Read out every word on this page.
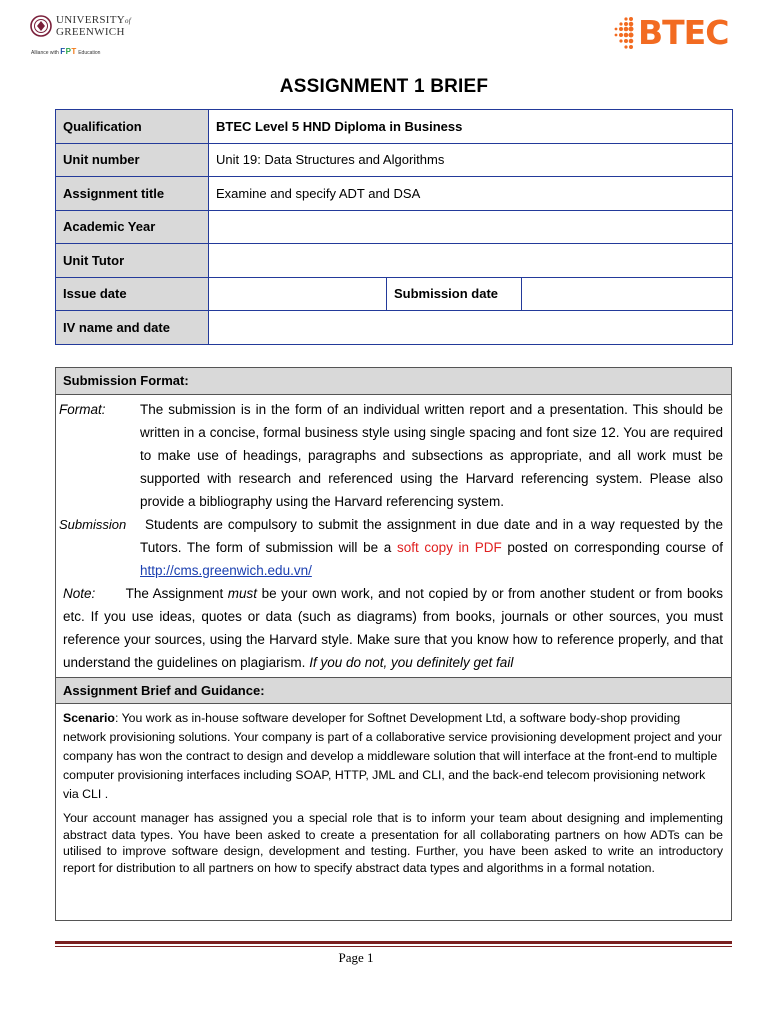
UNIVERSITYof
GREENWICH
Alliance with FPT Education
BTEC
ASSIGNMENT 1 BRIEF
Qualification	BTEC Level 5 HND Diploma in Business		
Unit number	Unit 19: Data Structures and Algorithms		
Assignment title	Examine and specify ADT and DSA		
Academic Year			
Unit Tutor			
Issue date		Submission date	
IV name and date			
Submission Format:
Format:	The submission is in the form of an individual written report and a presentation. This should be written in a concise, formal business style using single spacing and font size 12. You are required to make use of headings, paragraphs and subsections as appropriate, and all work must be supported with research and referenced using the Harvard referencing system. Please also provide a bibliography using the Harvard referencing system.
Submission	Students are compulsory to submit the assignment in due date and in a way requested by the Tutors. The form of submission will be a soft copy in PDF posted on corresponding course of http://cms.greenwich.edu.vn/
Note: The Assignment must be your own work, and not copied by or from another student or from books etc. If you use ideas, quotes or data (such as diagrams) from books, journals or other sources, you must reference your sources, using the Harvard style. Make sure that you know how to reference properly, and that understand the guidelines on plagiarism. If you do not, you definitely get fail
Assignment Brief and Guidance:
Scenario: You work as in-house software developer for Softnet Development Ltd, a software body-shop providing network provisioning solutions. Your company is part of a collaborative service provisioning development project and your company has won the contract to design and develop a middleware solution that will interface at the front-end to multiple computer provisioning interfaces including SOAP, HTTP, JML and CLI, and the back-end telecom provisioning network via CLI .
Your account manager has assigned you a special role that is to inform your team about designing and implementing abstract data types. You have been asked to create a presentation for all collaborating partners on how ADTs can be utilised to improve software design, development and testing. Further, you have been asked to write an introductory report for distribution to all partners on how to specify abstract data types and algorithms in a formal notation.
Page 1
